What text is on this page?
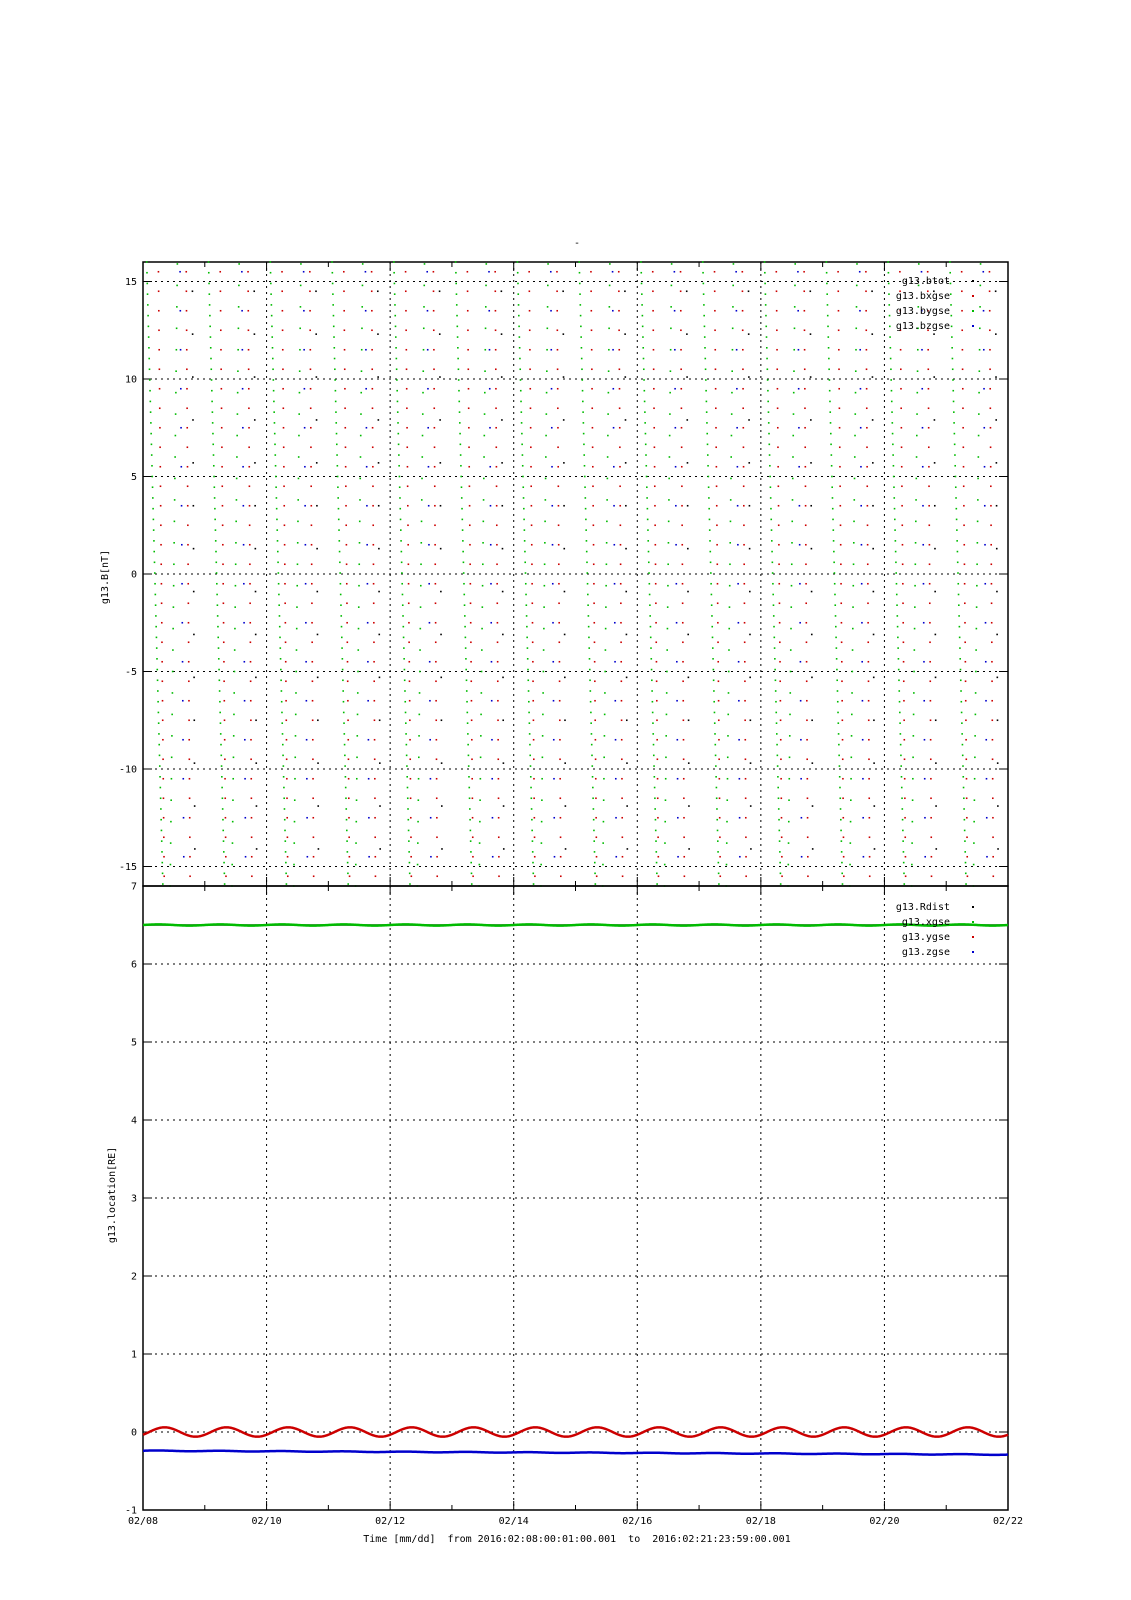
-
-15
-10
-5
0
5
10
15	g13.btot
g13.bxgse
g13.bygse
g13.bzgse
-1
0
1
2
3
4
5
6
7
02/08	02/10	02/12	02/14	02/16	02/18	02/20	02/22
g13.Rdist
g13.xgse
g13.ygse
g13.zgse
g13.B[nT]
g13.location[RE]
Time [mm/dd]  from 2016:02:08:00:01:00.001  to  2016:02:21:23:59:00.001
